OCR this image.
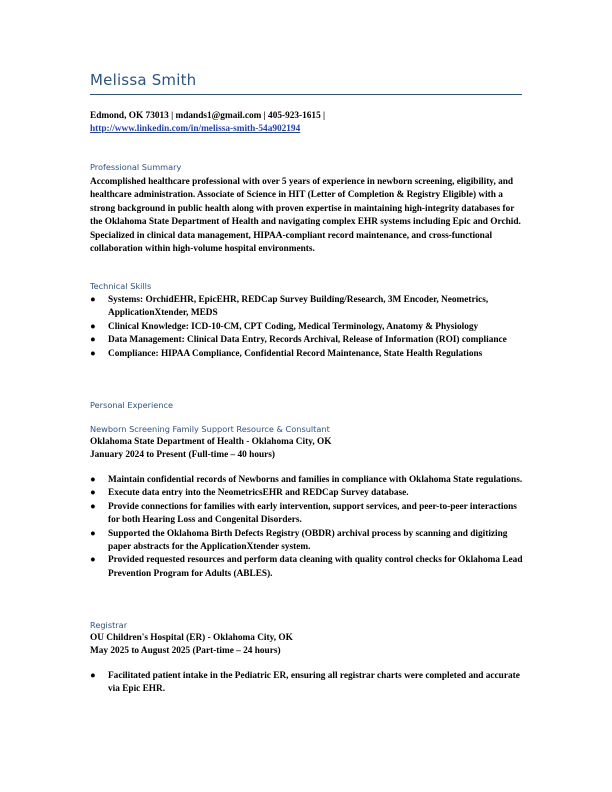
Melissa Smith
Edmond, OK 73013 | mdands1@gmail.com | 405-923-1615 |
http://www.linkedin.com/in/melissa-smith-54a902194
Professional Summary
Accomplished healthcare professional with over 5 years of experience in newborn screening, eligibility, and healthcare administration. Associate of Science in HIT (Letter of Completion & Registry Eligible) with a strong background in public health along with proven expertise in maintaining high-integrity databases for the Oklahoma State Department of Health and navigating complex EHR systems including Epic and Orchid. Specialized in clinical data management, HIPAA-compliant record maintenance, and cross-functional collaboration within high-volume hospital environments.
Technical Skills
● Systems: OrchidEHR, EpicEHR, REDCap Survey Building/Research, 3M Encoder, Neometrics, ApplicationXtender, MEDS
● Clinical Knowledge: ICD-10-CM, CPT Coding, Medical Terminology, Anatomy & Physiology
● Data Management: Clinical Data Entry, Records Archival, Release of Information (ROI) compliance
● Compliance: HIPAA Compliance, Confidential Record Maintenance, State Health Regulations
Personal Experience
Newborn Screening Family Support Resource & Consultant
Oklahoma State Department of Health - Oklahoma City, OK
January 2024 to Present (Full-time – 40 hours)
● Maintain confidential records of Newborns and families in compliance with Oklahoma State regulations.
● Execute data entry into the NeometricsEHR and REDCap Survey database.
● Provide connections for families with early intervention, support services, and peer-to-peer interactions for both Hearing Loss and Congenital Disorders.
● Supported the Oklahoma Birth Defects Registry (OBDR) archival process by scanning and digitizing paper abstracts for the ApplicationXtender system.
● Provided requested resources and perform data cleaning with quality control checks for Oklahoma Lead Prevention Program for Adults (ABLES).
Registrar
OU Children's Hospital (ER) - Oklahoma City, OK
May 2025 to August 2025 (Part-time – 24 hours)
● Facilitated patient intake in the Pediatric ER, ensuring all registrar charts were completed and accurate via Epic EHR.
